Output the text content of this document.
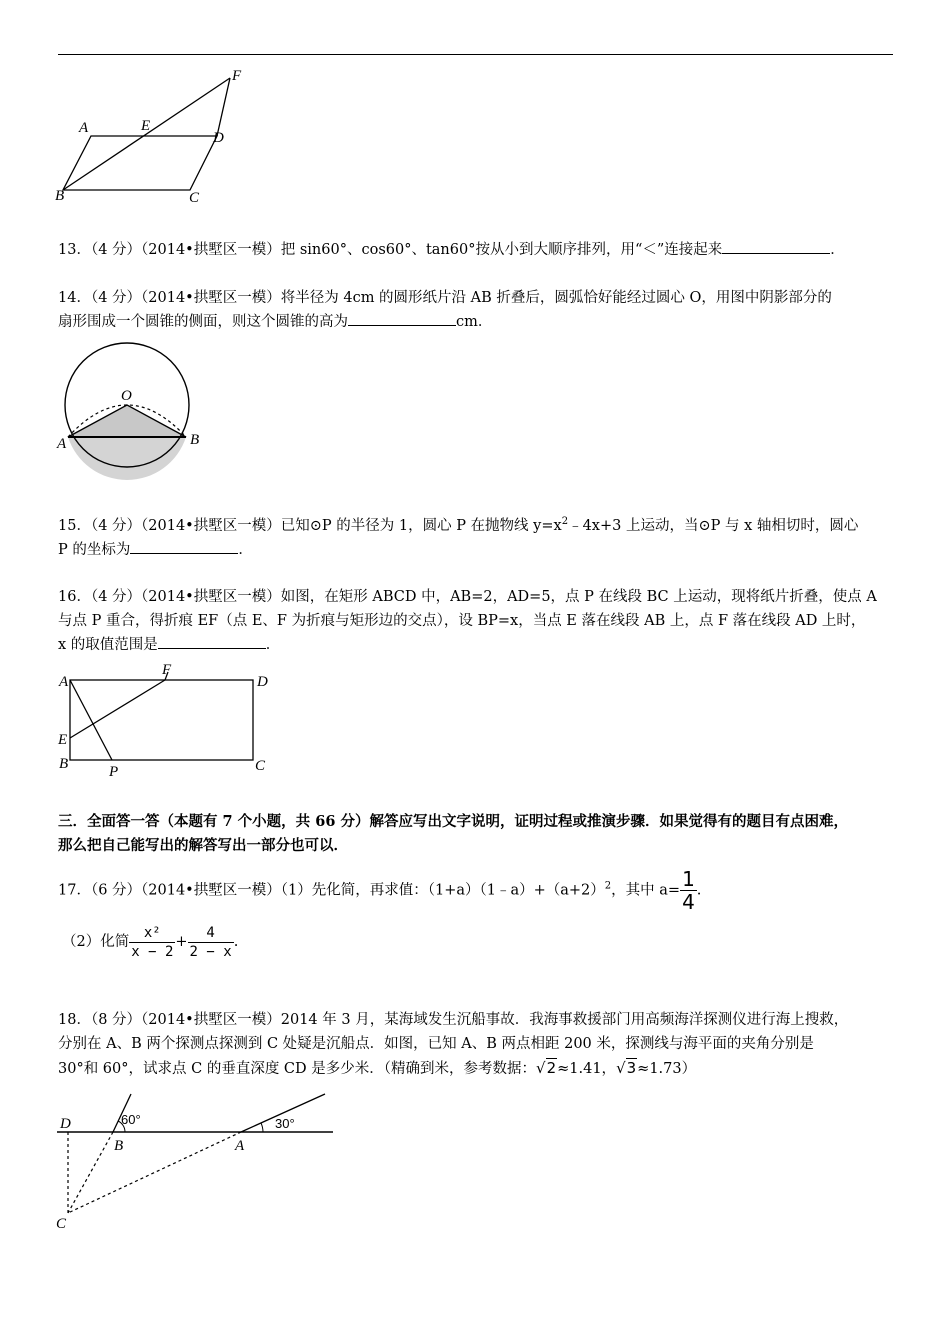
A	E
D
F
B	C
13．（4 分）（2014•拱墅区一模）把 sin60°、cos60°、tan60°按从小到大顺序排列，用“＜”连接起来	．
14．（4 分）（2014•拱墅区一模）将半径为 4cm 的圆形纸片沿 AB 折叠后，圆弧恰好能经过圆心 O，用图中阴影部分的
扇形围成一个圆锥的侧面，则这个圆锥的高为	cm．
O
A	B
15．（4 分）（2014•拱墅区一模）已知⊙P 的半径为 1，圆心 P 在抛物线 $y=x^2﹣4x+3$ 上运动，当⊙P 与 x 轴相切时，圆心
P 的坐标为	．
16．（4 分）（2014•拱墅区一模）如图，在矩形 ABCD 中，AB=2，AD=5，点 P 在线段 BC 上运动，现将纸片折叠，使点 A
与点 P 重合，得折痕 EF（点 E、F 为折痕与矩形边的交点），设 BP=x，当点 E 落在线段 AB 上，点 F 落在线段 AD 上时，
x 的取值范围是	．
A
F
D
E
B	P	C
三．全面答一答（本题有 7 个小题，共 66 分）解答应写出文字说明，证明过程或推演步骤．如果觉得有的题目有点困难，
那么把自己能写出的解答写出一部分也可以．
17．（6 分）（2014•拱墅区一模）（1）先化简，再求值：$(1+a)(1﹣a)+(a+2)^2$，其中 $a= \frac{1}{4}$ .
（2）化简 $\frac{\text{x²}}{x - 2} + \frac{4}{2 - x}$ .
18．（8 分）（2014•拱墅区一模）2014 年 3 月，某海域发生沉船事故．我海事救援部门用高频海洋探测仪进行海上搜救，
分别在 A、B 两个探测点探测到 C 处疑是沉船点．如图，已知 A、B 两点相距 200 米，探测线与海平面的夹角分别是
30°和 60°，试求点 C 的垂直深度 CD 是多少米．（精确到米，参考数据：√2≈1.41，√3≈1.73）
D
B	A
C
60°	30°
